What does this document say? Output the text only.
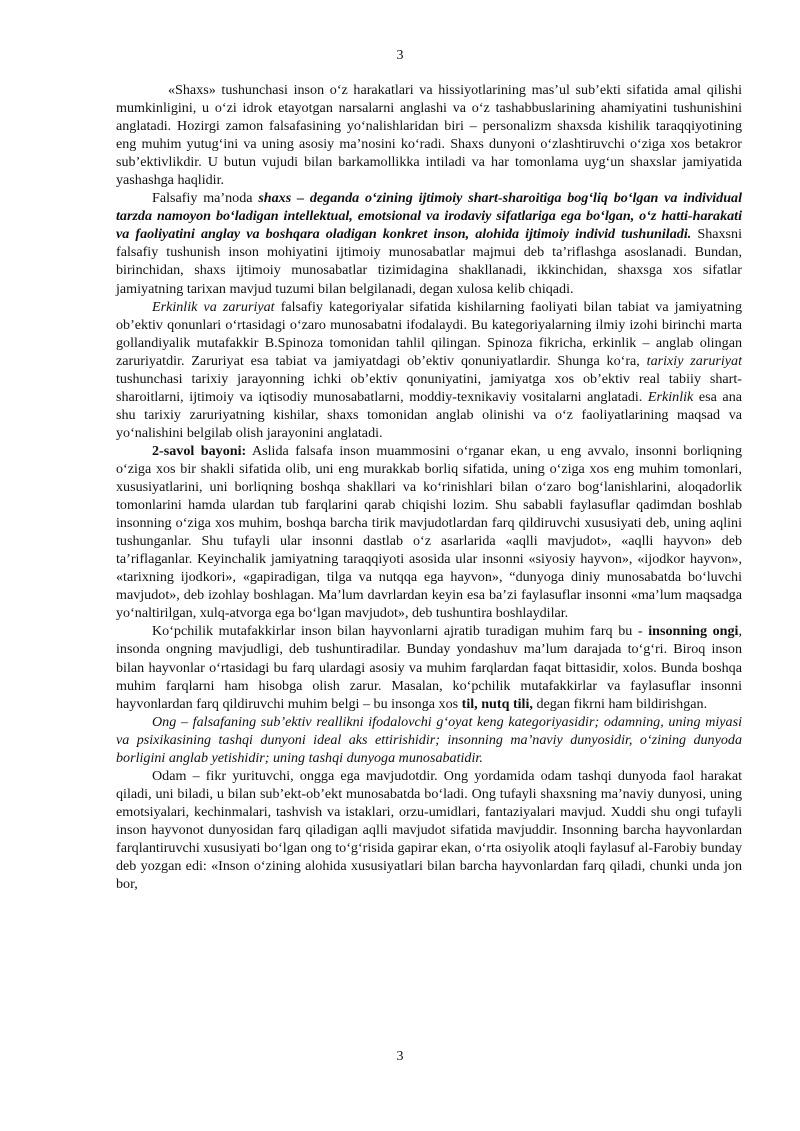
3

«Shaxs» tushunchasi inson oʻz harakatlari va hissiyotlarining mas’ul sub’ekti sifatida amal qilishi mumkinligini, u oʻzi idrok etayotgan narsalarni anglashi va oʻz tashabbuslarining ahamiyatini tushunishini anglatadi. Hozirgi zamon falsafasining yoʻnalishlaridan biri – personalizm shaxsda kishilik taraqqiyotining eng muhim yutugʻini va uning asosiy ma’nosini koʻradi. Shaxs dunyoni oʻzlashtiruvchi oʻziga xos betakror sub’ektivlikdir. U butun vujudi bilan barkamollikka intiladi va har tomonlama uygʻun shaxslar jamiyatida yashashga haqlidir.

Falsafiy ma’noda shaxs – deganda oʻzining ijtimoiy shart-sharoitiga bogʻliq boʻlgan va individual tarzda namoyon boʻladigan intellektual, emotsional va irodaviy sifatlariga ega boʻlgan, oʻz hatti-harakati va faoliyatini anglay va boshqara oladigan konkret inson, alohida ijtimoiy individ tushuniladi. Shaxsni falsafiy tushunish inson mohiyatini ijtimoiy munosabatlar majmui deb ta’riflashga asoslanadi. Bundan, birinchidan, shaxs ijtimoiy munosabatlar tizimidagina shakllanadi, ikkinchidan, shaxsga xos sifatlar jamiyatning tarixan mavjud tuzumi bilan belgilanadi, degan xulosa kelib chiqadi.

Erkinlik va zaruriyat falsafiy kategoriyalar sifatida kishilarning faoliyati bilan tabiat va jamiyatning ob’ektiv qonunlari oʻrtasidagi oʻzaro munosabatni ifodalaydi. Bu kategoriyalarning ilmiy izohi birinchi marta gollandiyalik mutafakkir B.Spinoza tomonidan tahlil qilingan. Spinoza fikricha, erkinlik – anglab olingan zaruriyatdir. Zaruriyat esa tabiat va jamiyatdagi ob’ektiv qonuniyatlardir. Shunga koʻra, tarixiy zaruriyat tushunchasi tarixiy jarayonning ichki ob’ektiv qonuniyatini, jamiyatga xos ob’ektiv real tabiiy shart-sharoitlarni, ijtimoiy va iqtisodiy munosabatlarni, moddiy-texnikaviy vositalarni anglatadi. Erkinlik esa ana shu tarixiy zaruriyatning kishilar, shaxs tomonidan anglab olinishi va oʻz faoliyatlarining maqsad va yoʻnalishini belgilab olish jarayonini anglatadi.

2-savol bayoni: Aslida falsafa inson muammosini oʻrganar ekan, u eng avvalo, insonni borliqning oʻziga xos bir shakli sifatida olib, uni eng murakkab borliq sifatida, uning oʻziga xos eng muhim tomonlari, xususiyatlarini, uni borliqning boshqa shakllari va koʻrinishlari bilan oʻzaro bogʻlanishlarini, aloqadorlik tomonlarini hamda ulardan tub farqlarini qarab chiqishi lozim. Shu sababli faylasuflar qadimdan boshlab insonning oʻziga xos muhim, boshqa barcha tirik mavjudotlardan farq qildiruvchi xususiyati deb, uning aqlini tushunganlar. Shu tufayli ular insonni dastlab oʻz asarlarida «aqlli mavjudot», «aqlli hayvon» deb ta’riflaganlar. Keyinchalik jamiyatning taraqqiyoti asosida ular insonni «siyosiy hayvon», «ijodkor hayvon», «tarixning ijodkori», «gapiradigan, tilga va nutqqa ega hayvon», “dunyoga diniy munosabatda boʻluvchi mavjudot», deb izohlay boshlagan. Ma’lum davrlardan keyin esa ba’zi faylasuflar insonni «ma’lum maqsadga yoʻnaltirilgan, xulq-atvorga ega boʻlgan mavjudot», deb tushuntira boshlaydilar.

Koʻpchilik mutafakkirlar inson bilan hayvonlarni ajratib turadigan muhim farq bu - insonning ongi, insonda ongning mavjudligi, deb tushuntiradilar. Bunday yondashuv ma’lum darajada toʻgʻri. Biroq inson bilan hayvonlar oʻrtasidagi bu farq ulardagi asosiy va muhim farqlardan faqat bittasidir, xolos. Bunda boshqa muhim farqlarni ham hisobga olish zarur. Masalan, koʻpchilik mutafakkirlar va faylasuflar insonni hayvonlardan farq qildiruvchi muhim belgi – bu insonga xos til, nutq tili, degan fikrni ham bildirishgan.

Ong – falsafaning sub’ektiv reallikni ifodalovchi gʻoyat keng kategoriyasidir; odamning, uning miyasi va psixikasining tashqi dunyoni ideal aks ettirishidir; insonning ma’naviy dunyosidir, oʻzining dunyoda borligini anglab yetishidir; uning tashqi dunyoga munosabatidir.

Odam – fikr yurituvchi, ongga ega mavjudotdir. Ong yordamida odam tashqi dunyoda faol harakat qiladi, uni biladi, u bilan sub’ekt-ob’ekt munosabatda boʻladi. Ong tufayli shaxsning ma’naviy dunyosi, uning emotsiyalari, kechinmalari, tashvish va istaklari, orzu-umidlari, fantaziyalari mavjud. Xuddi shu ongi tufayli inson hayvonot dunyosidan farq qiladigan aqlli mavjudot sifatida mavjuddir. Insonning barcha hayvonlardan farqlantiruvchi xususiyati boʻlgan ong toʻgʻrisida gapirar ekan, oʻrta osiyolik atoqli faylasuf al-Farobiy bunday deb yozgan edi: «Inson oʻzining alohida xususiyatlari bilan barcha hayvonlardan farq qiladi, chunki unda jon bor,

3
